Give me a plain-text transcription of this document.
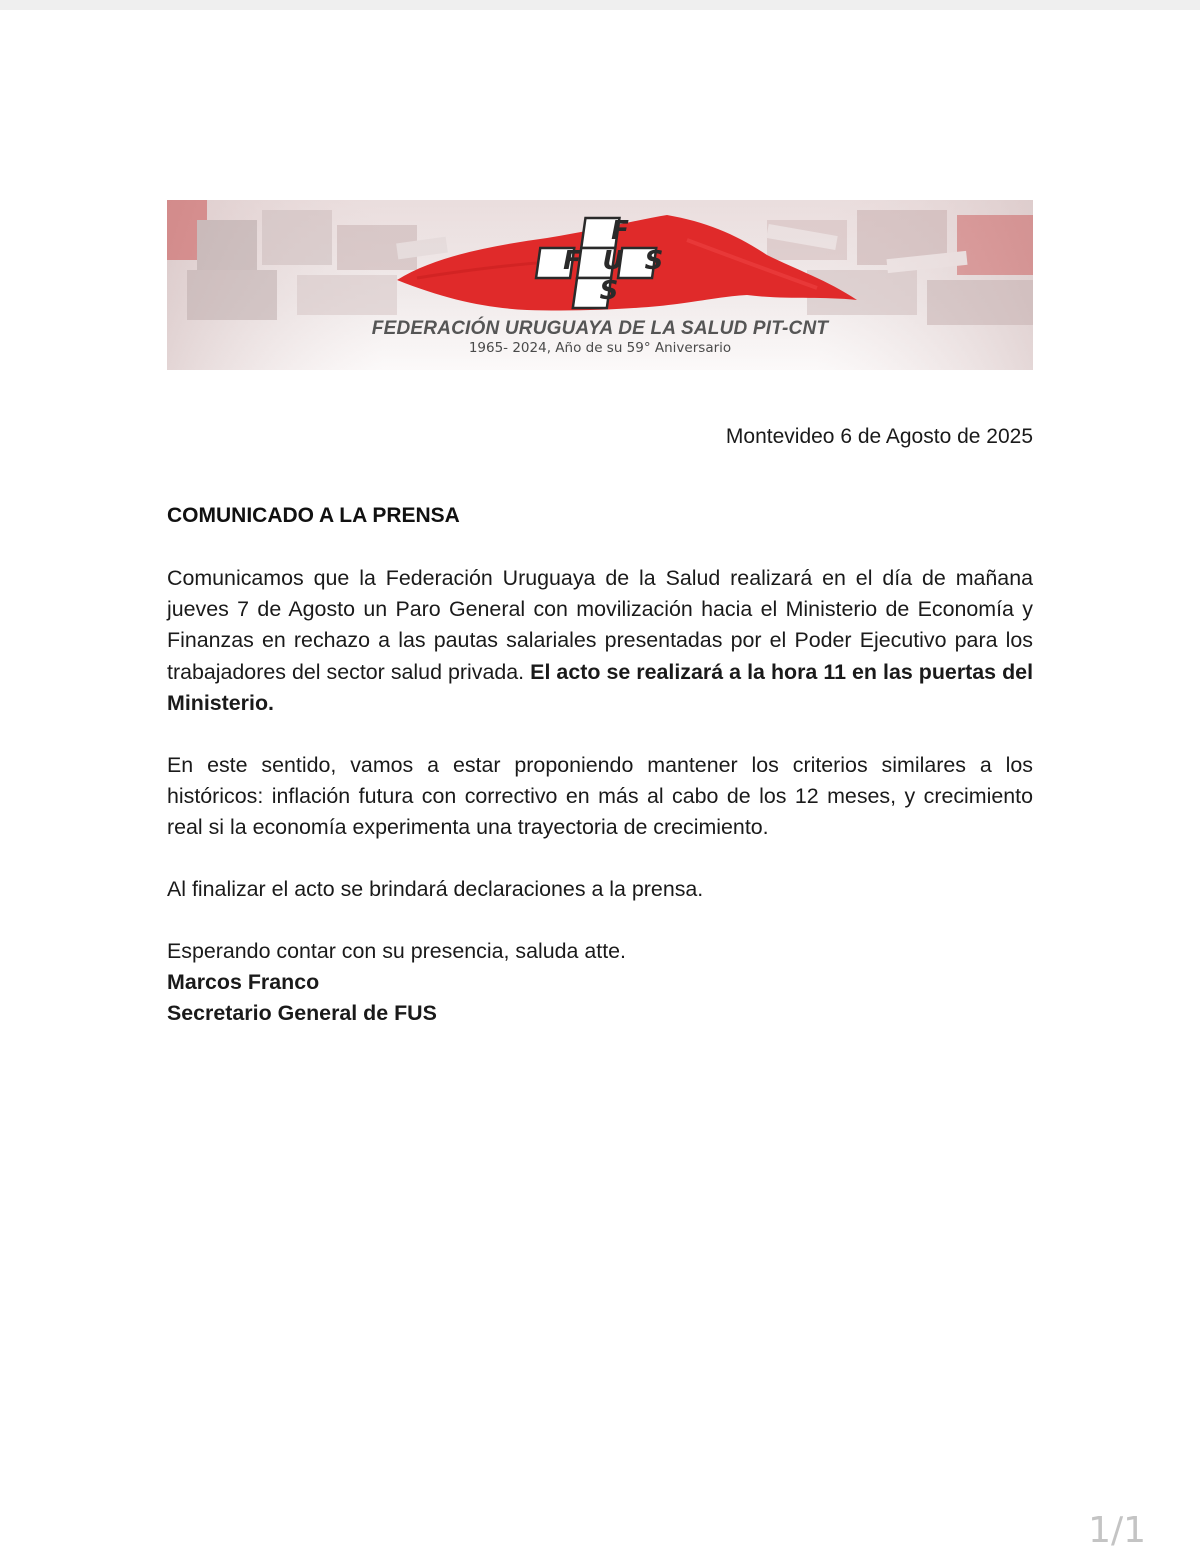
F
F U S
S
FEDERACIÓN URUGUAYA DE LA SALUD PIT-CNT
1965- 2024, Año de su 59° Aniversario
Montevideo 6 de Agosto de 2025
COMUNICADO A LA PRENSA
Comunicamos que la Federación Uruguaya de la Salud realizará en el día de mañana jueves 7 de Agosto un Paro General con movilización hacia el Ministerio de Economía y Finanzas en rechazo a las pautas salariales presentadas por el Poder Ejecutivo para los trabajadores del sector salud privada. El acto se realizará a la hora 11 en las puertas del Ministerio.
En este sentido, vamos a estar proponiendo mantener los criterios similares a los históricos: inflación futura con correctivo en más al cabo de los 12 meses, y crecimiento real si la economía experimenta una trayectoria de crecimiento.
Al finalizar el acto se brindará declaraciones a la prensa.
Esperando contar con su presencia, saluda atte.
Marcos Franco
Secretario General de FUS
1/1
